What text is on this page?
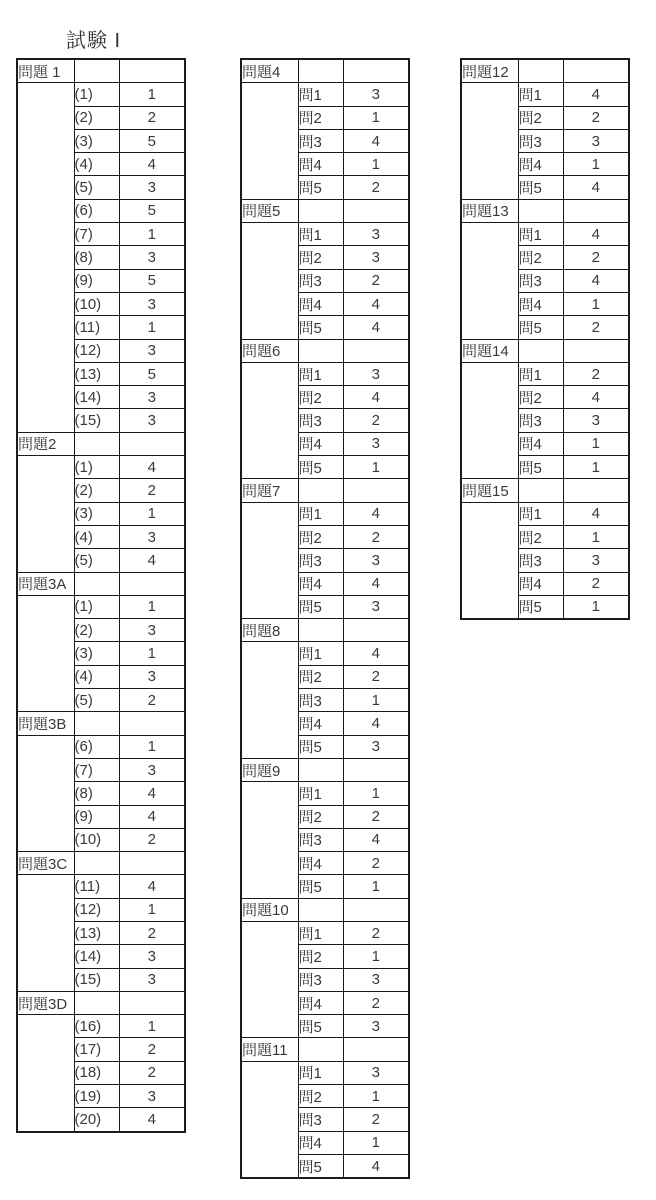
試験 I
問題 1		
	(1)	1
	(2)	2
	(3)	5
	(4)	4
	(5)	3
	(6)	5
	(7)	1
	(8)	3
	(9)	5
	(10)	3
	(11)	1
	(12)	3
	(13)	5
	(14)	3
	(15)	3
問題2		
	(1)	4
	(2)	2
	(3)	1
	(4)	3
	(5)	4
問題3A		
	(1)	1
	(2)	3
	(3)	1
	(4)	3
	(5)	2
問題3B		
	(6)	1
	(7)	3
	(8)	4
	(9)	4
	(10)	2
問題3C		
	(11)	4
	(12)	1
	(13)	2
	(14)	3
	(15)	3
問題3D		
	(16)	1
	(17)	2
	(18)	2
	(19)	3
	(20)	4
問題4		
	問1	3
	問2	1
	問3	4
	問4	1
	問5	2
問題5		
	問1	3
	問2	3
	問3	2
	問4	4
	問5	4
問題6		
	問1	3
	問2	4
	問3	2
	問4	3
	問5	1
問題7		
	問1	4
	問2	2
	問3	3
	問4	4
	問5	3
問題8		
	問1	4
	問2	2
	問3	1
	問4	4
	問5	3
問題9		
	問1	1
	問2	2
	問3	4
	問4	2
	問5	1
問題10		
	問1	2
	問2	1
	問3	3
	問4	2
	問5	3
問題11		
	問1	3
	問2	1
	問3	2
	問4	1
	問5	4
問題12		
	問1	4
	問2	2
	問3	3
	問4	1
	問5	4
問題13		
	問1	4
	問2	2
	問3	4
	問4	1
	問5	2
問題14		
	問1	2
	問2	4
	問3	3
	問4	1
	問5	1
問題15		
	問1	4
	問2	1
	問3	3
	問4	2
	問5	1
